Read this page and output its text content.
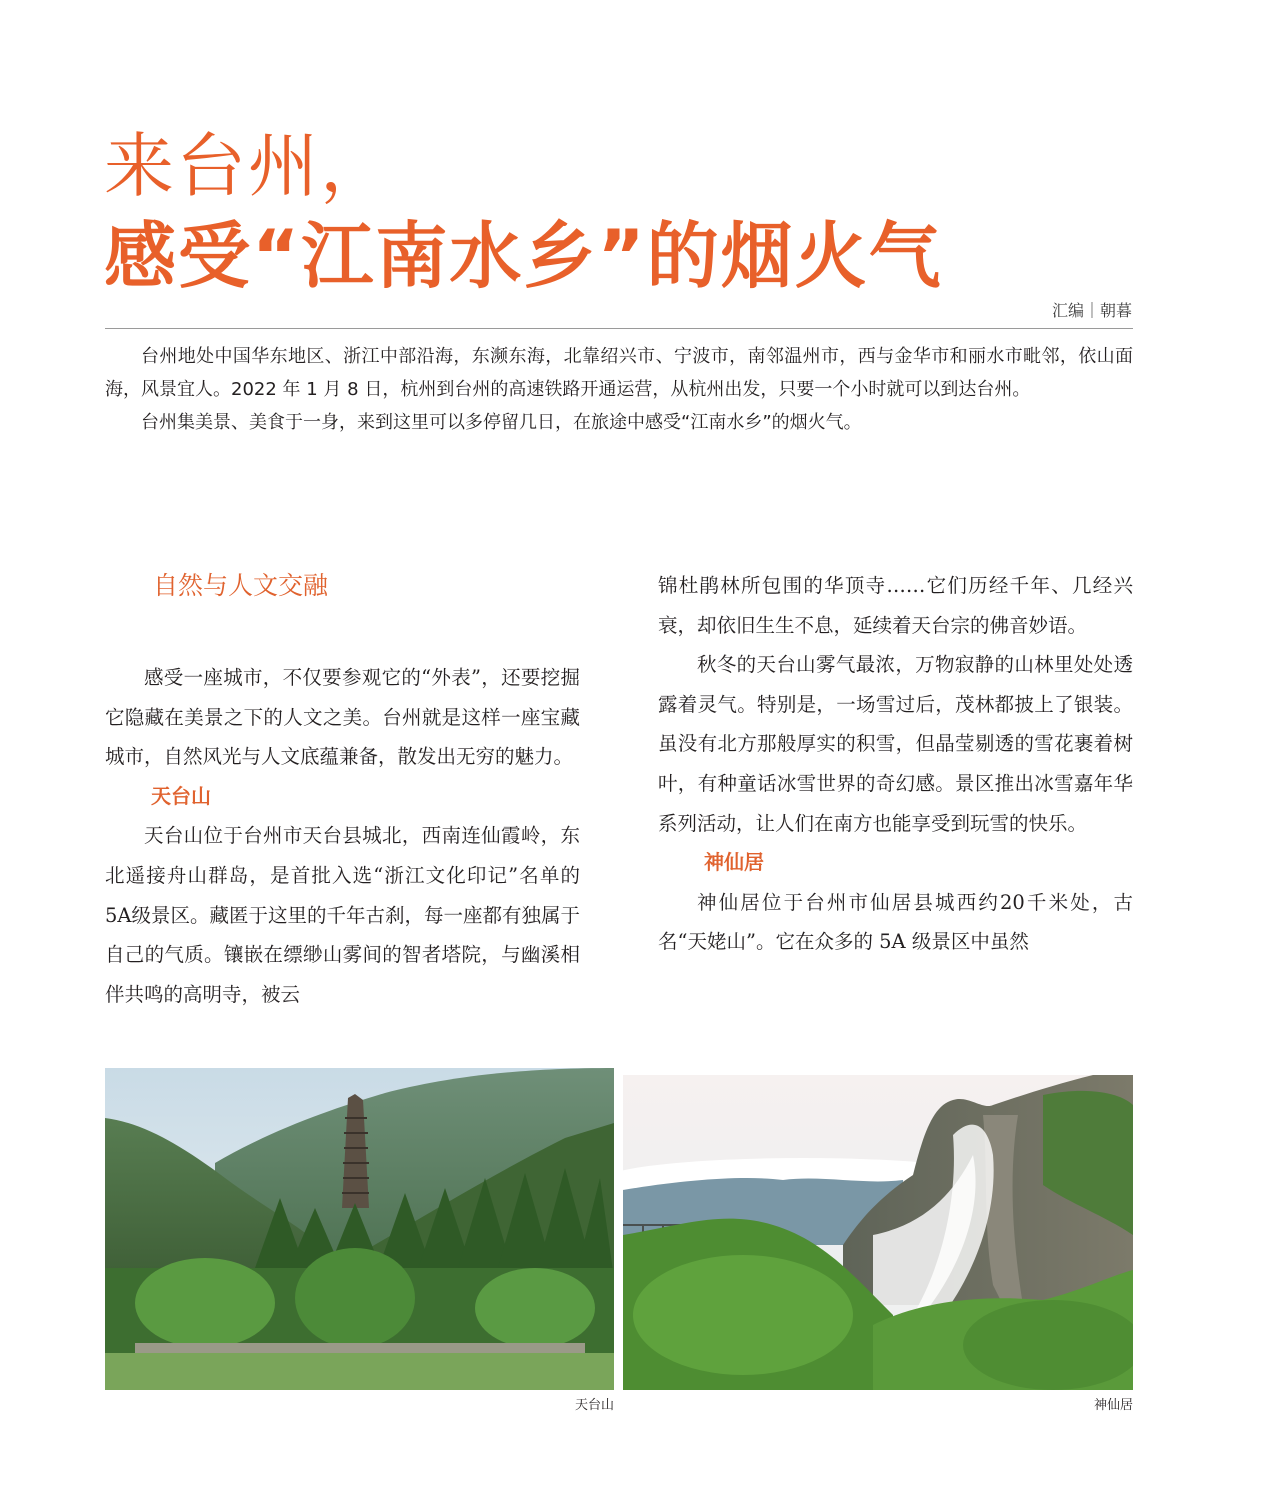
来台州，
感受“江南水乡”的烟火气
汇编｜朝暮

台州地处中国华东地区、浙江中部沿海，东濒东海，北靠绍兴市、宁波市，南邻温州市，西与金华市和丽水市毗邻，依山面海，风景宜人。2022 年 1 月 8 日，杭州到台州的高速铁路开通运营，从杭州出发，只要一个小时就可以到达台州。

台州集美景、美食于一身，来到这里可以多停留几日，在旅途中感受“江南水乡”的烟火气。

自然与人文交融

感受一座城市，不仅要参观它的“外表”，还要挖掘它隐藏在美景之下的人文之美。台州就是这样一座宝藏城市，自然风光与人文底蕴兼备，散发出无穷的魅力。

天台山

天台山位于台州市天台县城北，西南连仙霞岭，东北遥接舟山群岛，是首批入选“浙江文化印记”名单的5A级景区。藏匿于这里的千年古刹，每一座都有独属于自己的气质。镶嵌在缥缈山雾间的智者塔院，与幽溪相伴共鸣的高明寺，被云

锦杜鹃林所包围的华顶寺……它们历经千年、几经兴衰，却依旧生生不息，延续着天台宗的佛音妙语。

秋冬的天台山雾气最浓，万物寂静的山林里处处透露着灵气。特别是，一场雪过后，茂林都披上了银装。虽没有北方那般厚实的积雪，但晶莹剔透的雪花裹着树叶，有种童话冰雪世界的奇幻感。景区推出冰雪嘉年华系列活动，让人们在南方也能享受到玩雪的快乐。

神仙居

神仙居位于台州市仙居县城西约20千米处，古名“天姥山”。它在众多的 5A 级景区中虽然

天台山	神仙居
